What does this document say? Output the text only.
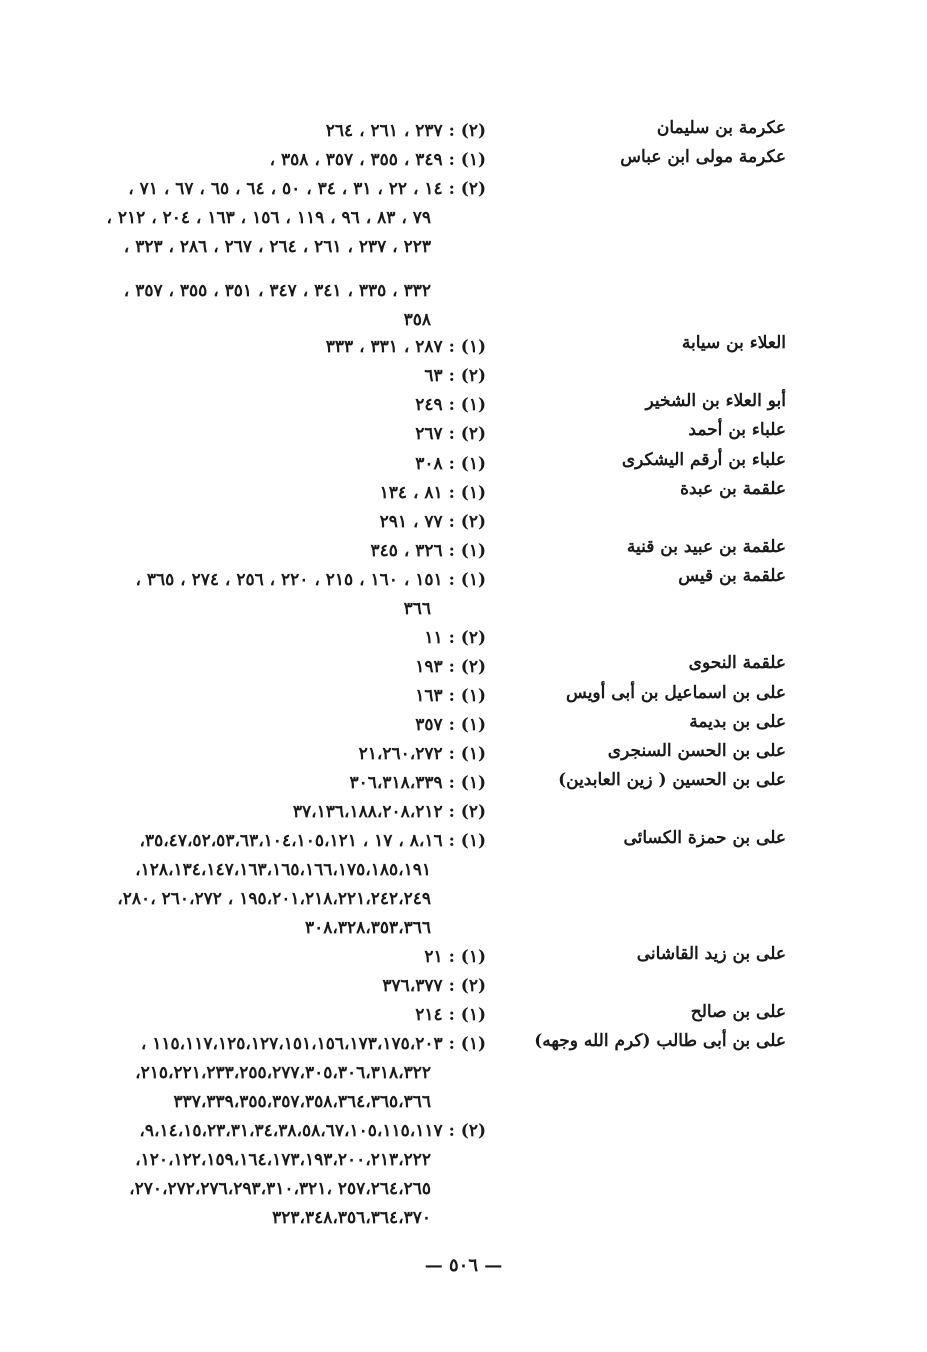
عكرمة بن سليمان
(٢) : ٢٣٧ ، ٢٦١ ، ٢٦٤
عكرمة مولى ابن عباس
(١) : ٣٤٩ ، ٣٥٥ ، ٣٥٧ ، ٣٥٨ ،
(٢) : ١٤ ، ٢٢ ، ٣١ ، ٣٤ ، ٥٠ ، ٦٤ ، ٦٥ ، ٦٧ ، ٧١ ،
٧٩ ، ٨٣ ، ٩٦ ، ١١٩ ، ١٥٦ ، ١٦٣ ، ٢٠٤ ، ٢١٢ ،
٢٢٣ ، ٢٣٧ ، ٢٦١ ، ٢٦٤ ، ٢٦٧ ، ٢٨٦ ، ٣٢٣ ،
٣٣٢ ، ٣٣٥ ، ٣٤١ ، ٣٤٧ ، ٣٥١ ، ٣٥٥ ، ٣٥٧ ،
٣٥٨
العلاء بن سيابة
(١) : ٢٨٧ ، ٣٣١ ، ٣٣٣
(٢) : ٦٣
أبو العلاء بن الشخير
(١) : ٢٤٩
علباء بن أحمد
(٢) : ٢٦٧
علباء بن أرقم اليشكرى
(١) : ٣٠٨
علقمة بن عبدة
(١) : ٨١ ، ١٣٤
(٢) : ٧٧ ، ٢٩١
علقمة بن عبيد بن قنية
(١) : ٣٢٦ ، ٣٤٥
علقمة بن قيس
(١) : ١٥١ ، ١٦٠ ، ٢١٥ ، ٢٢٠ ، ٢٥٦ ، ٢٧٤ ، ٣٦٥ ،
٣٦٦
(٢) : ١١
علقمة النحوى
(٢) : ١٩٣
على بن اسماعيل بن أبى أويس
(١) : ١٦٣
على بن بديمة
(١) : ٣٥٧
على بن الحسن السنجرى
(١) : ٢١،٢٦٠،٢٧٢
على بن الحسين ( زين العابدين)
(١) : ٣٠٦،٣١٨،٣٣٩
(٢) : ٣٧،١٣٦،١٨٨،٢٠٨،٢١٢
على بن حمزة الكسائى
(١) : ٨،١٦ ، ١٧ ، ٣٥،٤٧،٥٢،٥٣،٦٣،١٠٤،١٠٥،١٢١،
١٢٨،١٣٤،١٤٧،١٦٣،١٦٥،١٦٦،١٧٥،١٨٥،١٩١،
١٩٥،٢٠١،٢١٨،٢٢١،٢٤٢،٢٤٩ ، ٢٦٠،٢٧٢ ،٢٨٠،
٣٠٨،٣٢٨،٣٥٣،٣٦٦
على بن زيد القاشانى
(١) : ٢١
(٢) : ٣٧٦،٣٧٧
على بن صالح
(١) : ٢١٤
على بن أبى طالب (كرم الله وجهه)
(١) : ١١٥،١١٧،١٢٥،١٢٧،١٥١،١٥٦،١٧٣،١٧٥،٢٠٣ ،
٢١٥،٢٢١،٢٣٣،٢٥٥،٢٧٧،٣٠٥،٣٠٦،٣١٨،٣٢٢،
٣٣٧،٣٣٩،٣٥٥،٣٥٧،٣٥٨،٣٦٤،٣٦٥،٣٦٦
(٢) : ٩،١٤،١٥،٢٣،٣١،٣٤،٣٨،٥٨،٦٧،١٠٥،١١٥،١١٧،
١٢٠،١٢٢،١٥٩،١٦٤،١٧٣،١٩٣،٢٠٠،٢١٣،٢٢٢،
٢٥٧،٢٦٤،٢٦٥ ،٢٧٠،٢٧٢،٢٧٦،٢٩٣،٣١٠،٣٢١،
٣٢٣،٣٤٨،٣٥٦،٣٦٤،٣٧٠
— ٥٠٦ —
